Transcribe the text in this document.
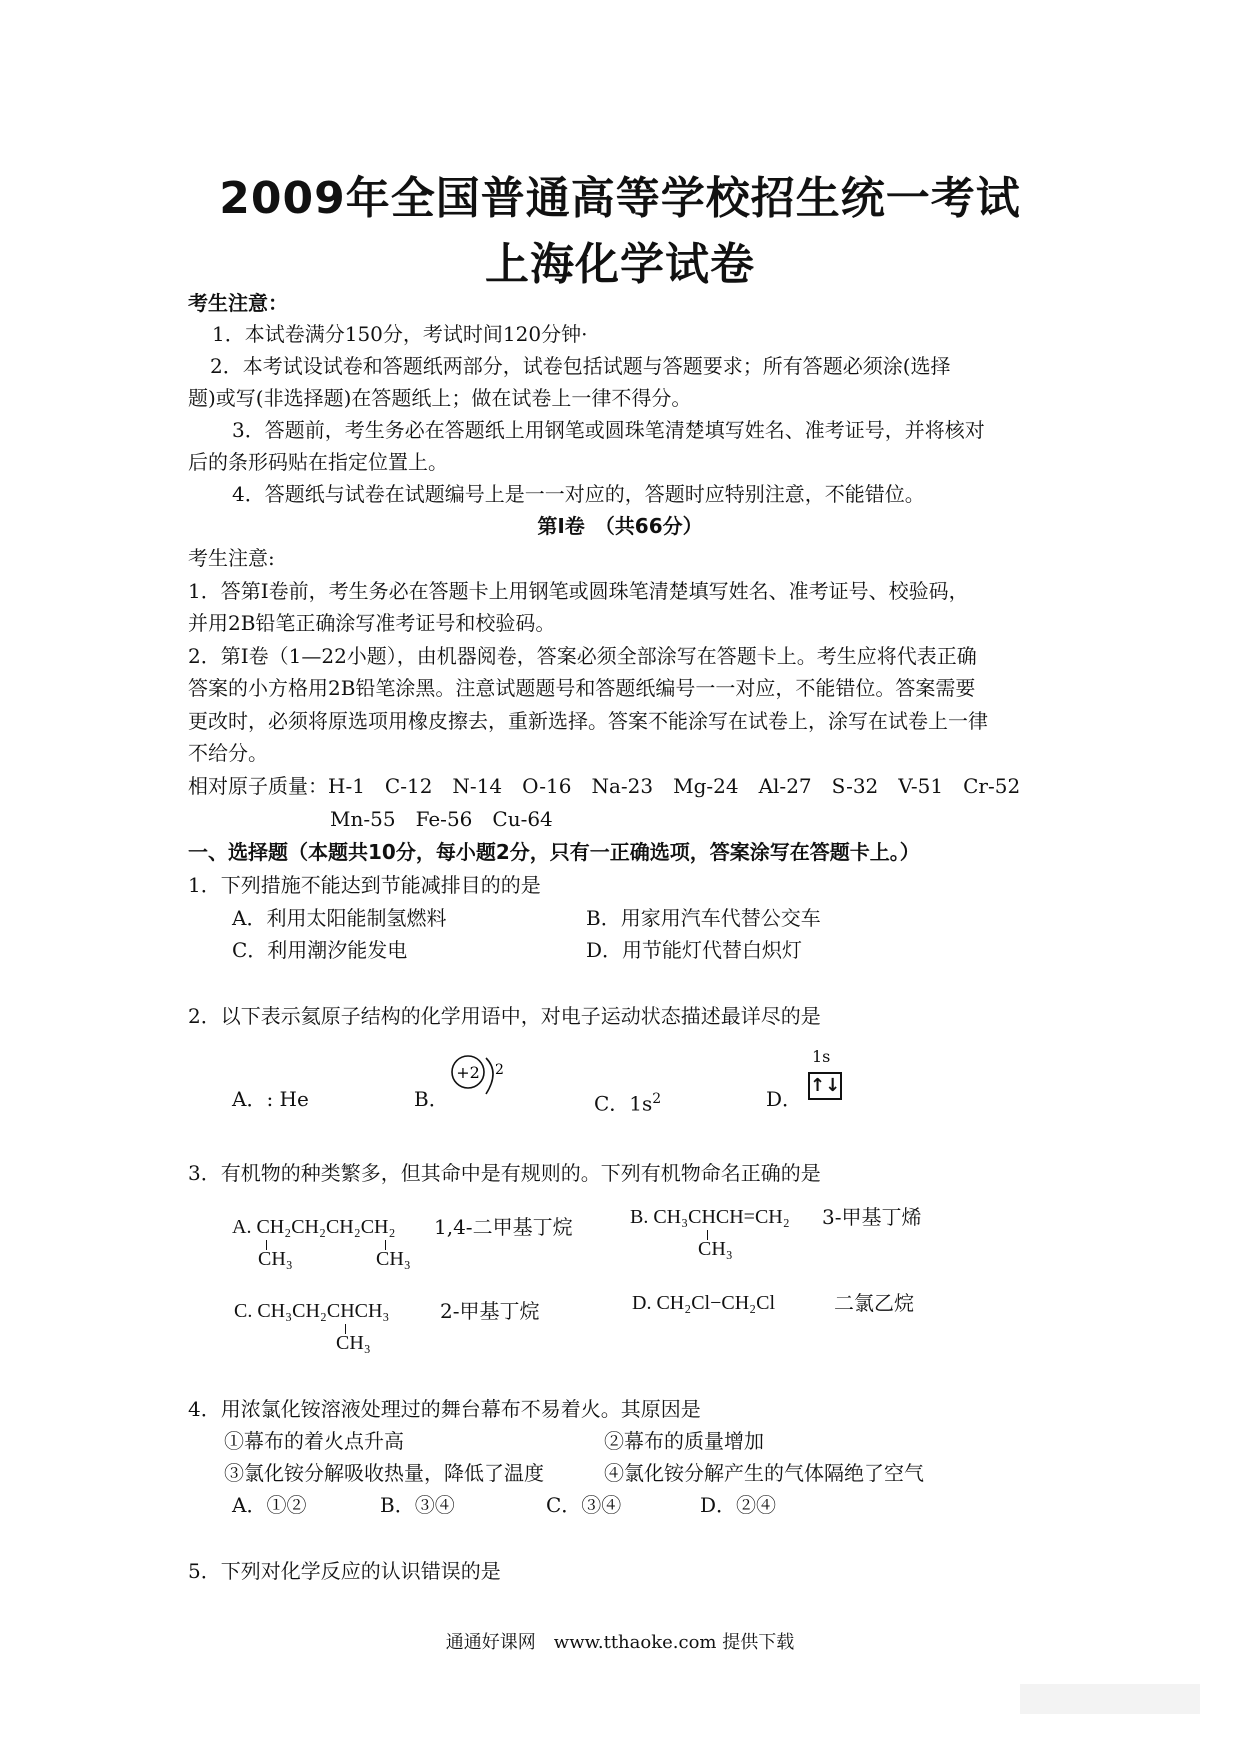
2009年全国普通高等学校招生统一考试
上海化学试卷
考生注意：
1．本试卷满分150分，考试时间120分钟·
2．本考试设试卷和答题纸两部分，试卷包括试题与答题要求；所有答题必须涂(选择
题)或写(非选择题)在答题纸上；做在试卷上一律不得分。
3．答题前，考生务必在答题纸上用钢笔或圆珠笔清楚填写姓名、准考证号，并将核对
后的条形码贴在指定位置上。
4．答题纸与试卷在试题编号上是一一对应的，答题时应特别注意，不能错位。
第Ⅰ卷　（共66分）
考生注意:
1．答第Ⅰ卷前，考生务必在答题卡上用钢笔或圆珠笔清楚填写姓名、准考证号、校验码，
并用2B铅笔正确涂写准考证号和校验码。
2．第Ⅰ卷（1—22小题），由机器阅卷，答案必须全部涂写在答题卡上。考生应将代表正确
答案的小方格用2B铅笔涂黑。注意试题题号和答题纸编号一一对应，不能错位。答案需要
更改时，必须将原选项用橡皮擦去，重新选择。答案不能涂写在试卷上，涂写在试卷上一律
不给分。
相对原子质量：H-1　C-12　N-14　O-16　Na-23　Mg-24　Al-27　S-32　V-51　Cr-52
Mn-55　Fe-56　Cu-64
一、选择题（本题共10分，每小题2分，只有一正确选项，答案涂写在答题卡上。）
1．下列措施不能达到节能减排目的的是
A．利用太阳能制氢燃料	B．用家用汽车代替公交车
C．利用潮汐能发电	D．用节能灯代替白炽灯
2．以下表示氦原子结构的化学用语中，对电子运动状态描述最详尽的是
A．: He	B．
+2 2
C．$1s^2$	D．
1s
↑↓
3．有机物的种类繁多，但其命中是有规则的。下列有机物命名正确的是
A. CH₂CH₂CH₂CH₂
CH₃	CH₃
1,4-二甲基丁烷	B. CH₃CHCH=CH₂
CH₃
3-甲基丁烯
C. CH₃CH₂CHCH₃
CH₃
2-甲基丁烷	D. CH₂Cl−CH₂Cl	二氯乙烷
4．用浓氯化铵溶液处理过的舞台幕布不易着火。其原因是
①幕布的着火点升高	②幕布的质量增加
③氯化铵分解吸收热量，降低了温度	④氯化铵分解产生的气体隔绝了空气
A．①②	B．③④	C．③④	D．②④
5．下列对化学反应的认识错误的是
通通好课网　www.tthaoke.com 提供下载
